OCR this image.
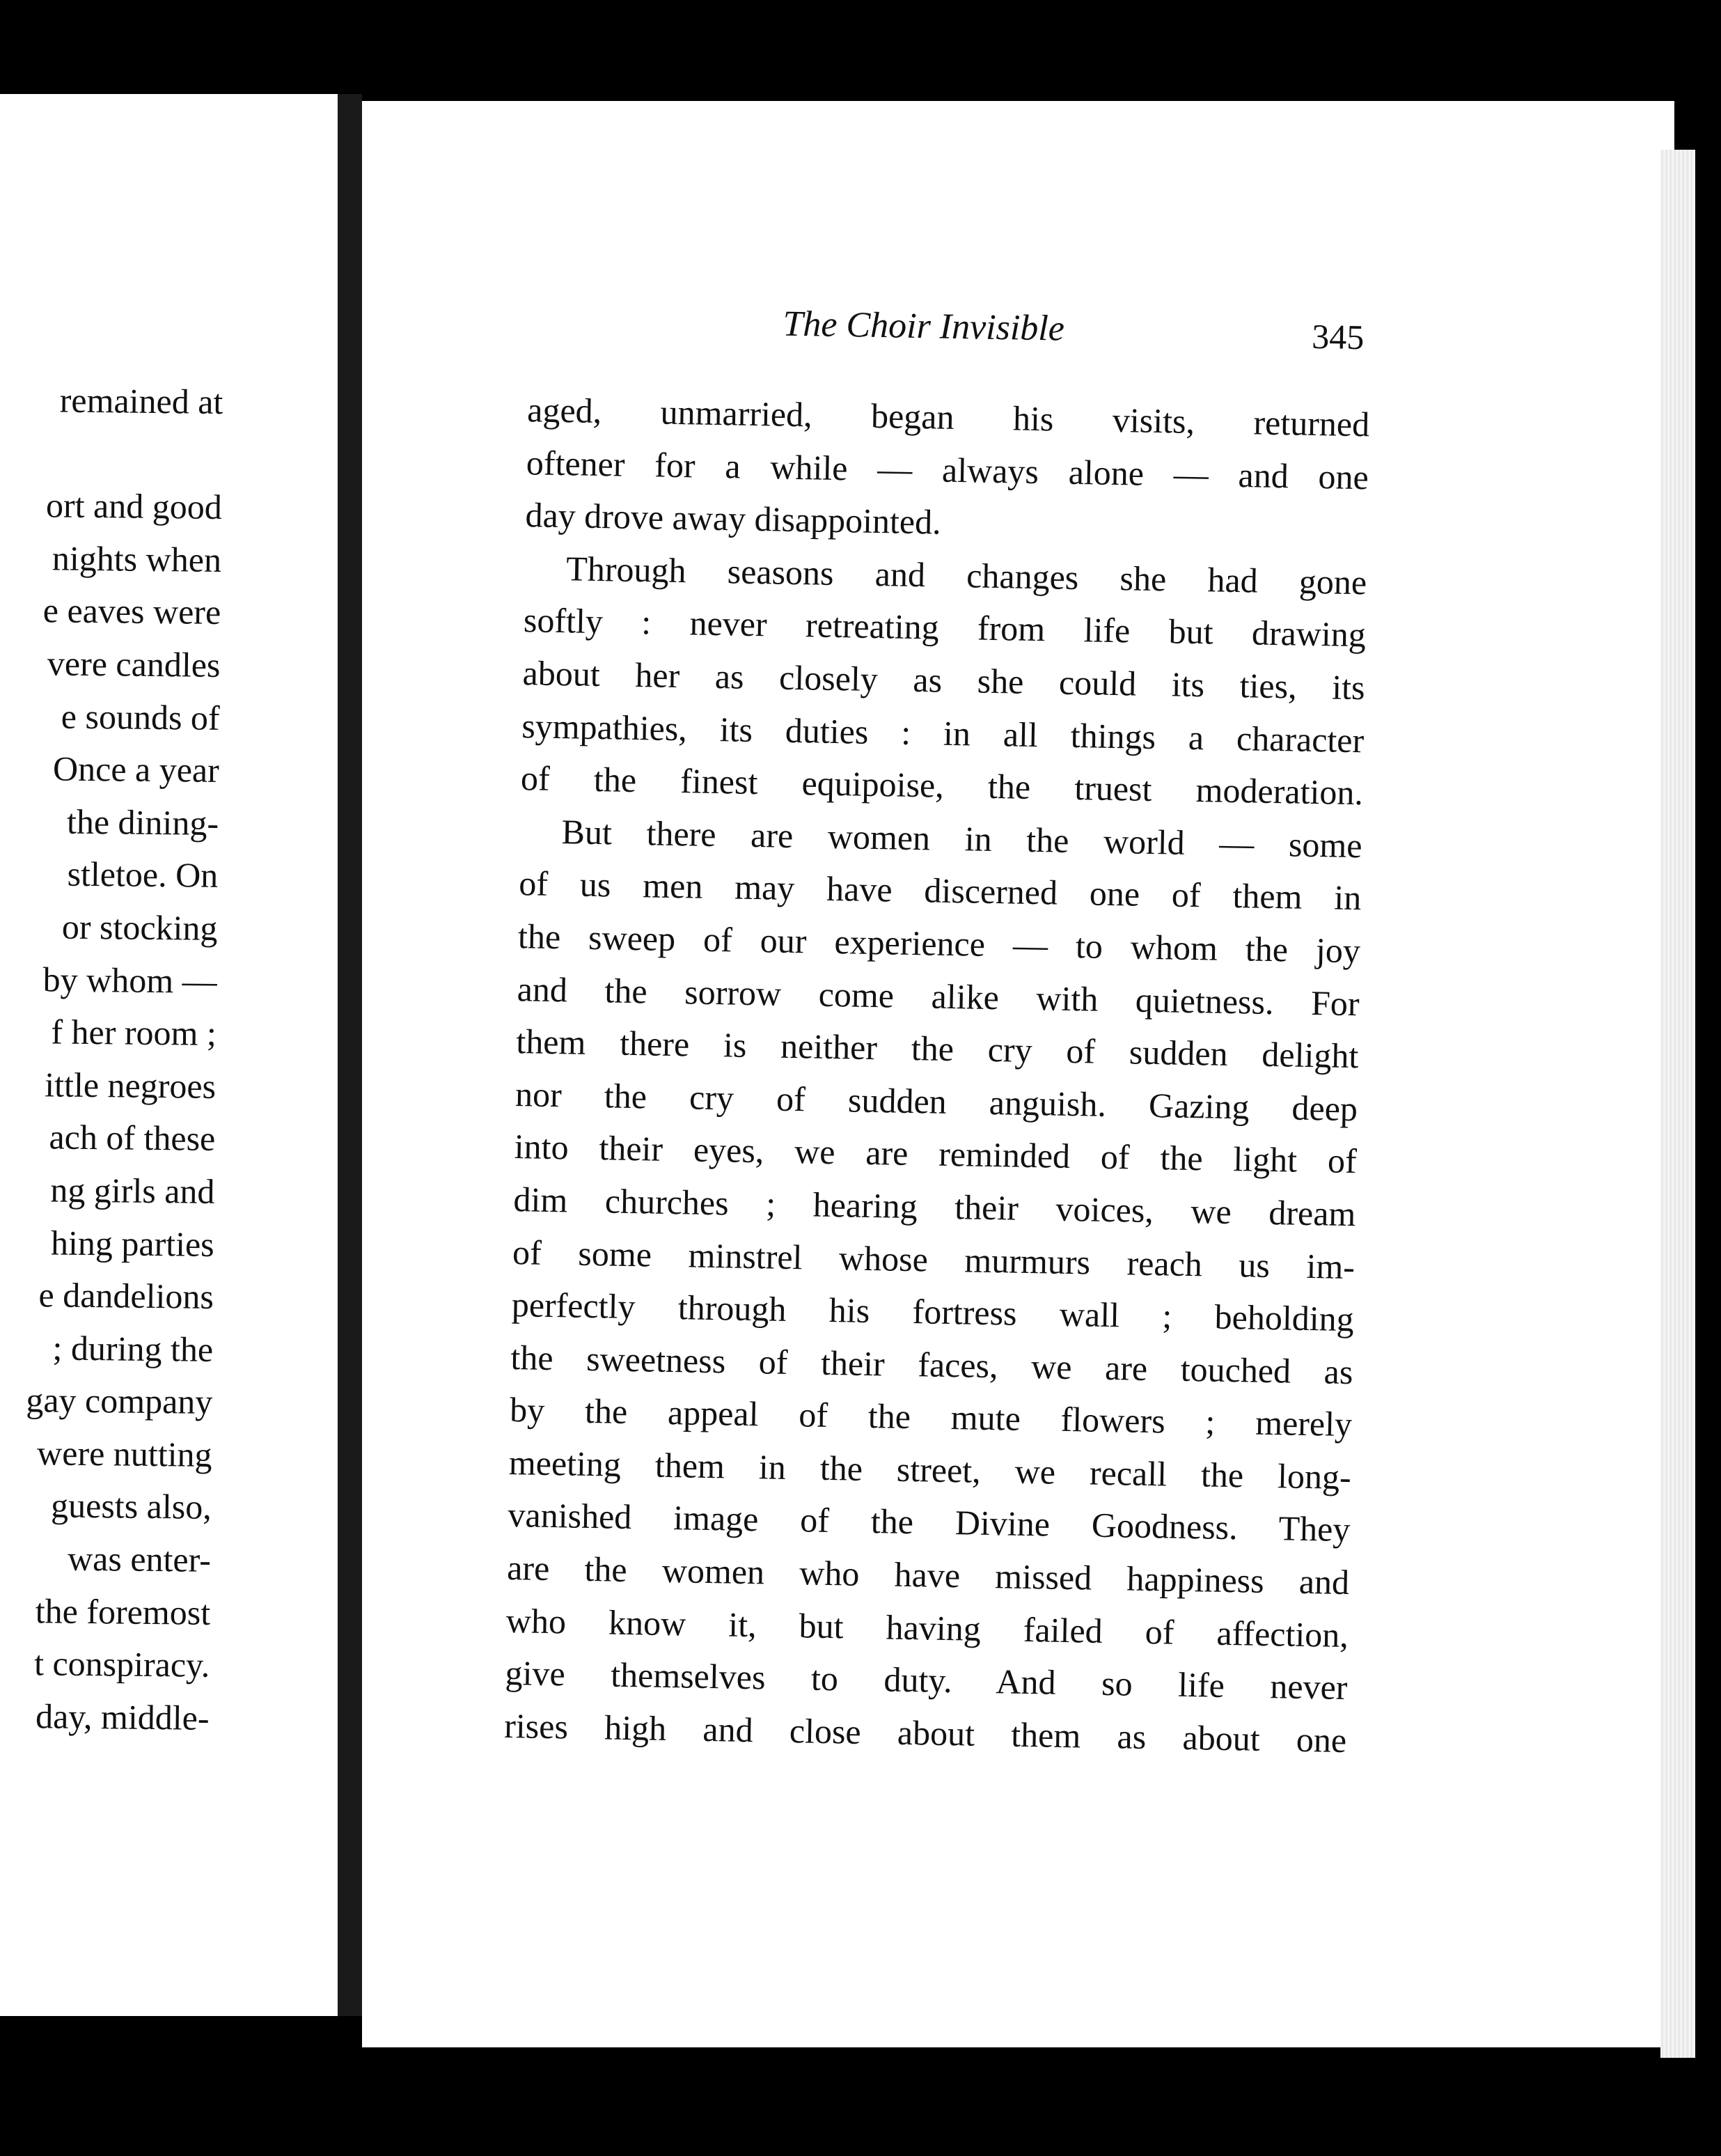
remained at

ort and good
nights when
e eaves were
vere candles
e sounds of
Once a year
the dining-
stletoe. On
or stocking
by whom —
f her room ;
ittle negroes
ach of these
ng girls and
hing parties
e dandelions
; during the
gay company
were nutting
guests also,
was enter-
the foremost
t conspiracy.
day, middle-
The Choir Invisible	345
aged, unmarried, began his visits, returned
oftener for a while — always alone — and one
day drove away disappointed.
Through seasons and changes she had gone
softly : never retreating from life but drawing
about her as closely as she could its ties, its
sympathies, its duties : in all things a character
of the finest equipoise, the truest moderation.
But there are women in the world — some
of us men may have discerned one of them in
the sweep of our experience — to whom the joy
and the sorrow come alike with quietness. For
them there is neither the cry of sudden delight
nor the cry of sudden anguish. Gazing deep
into their eyes, we are reminded of the light of
dim churches ; hearing their voices, we dream
of some minstrel whose murmurs reach us im-
perfectly through his fortress wall ; beholding
the sweetness of their faces, we are touched as
by the appeal of the mute flowers ; merely
meeting them in the street, we recall the long-
vanished image of the Divine Goodness. They
are the women who have missed happiness and
who know it, but having failed of affection,
give themselves to duty. And so life never
rises high and close about them as about one
